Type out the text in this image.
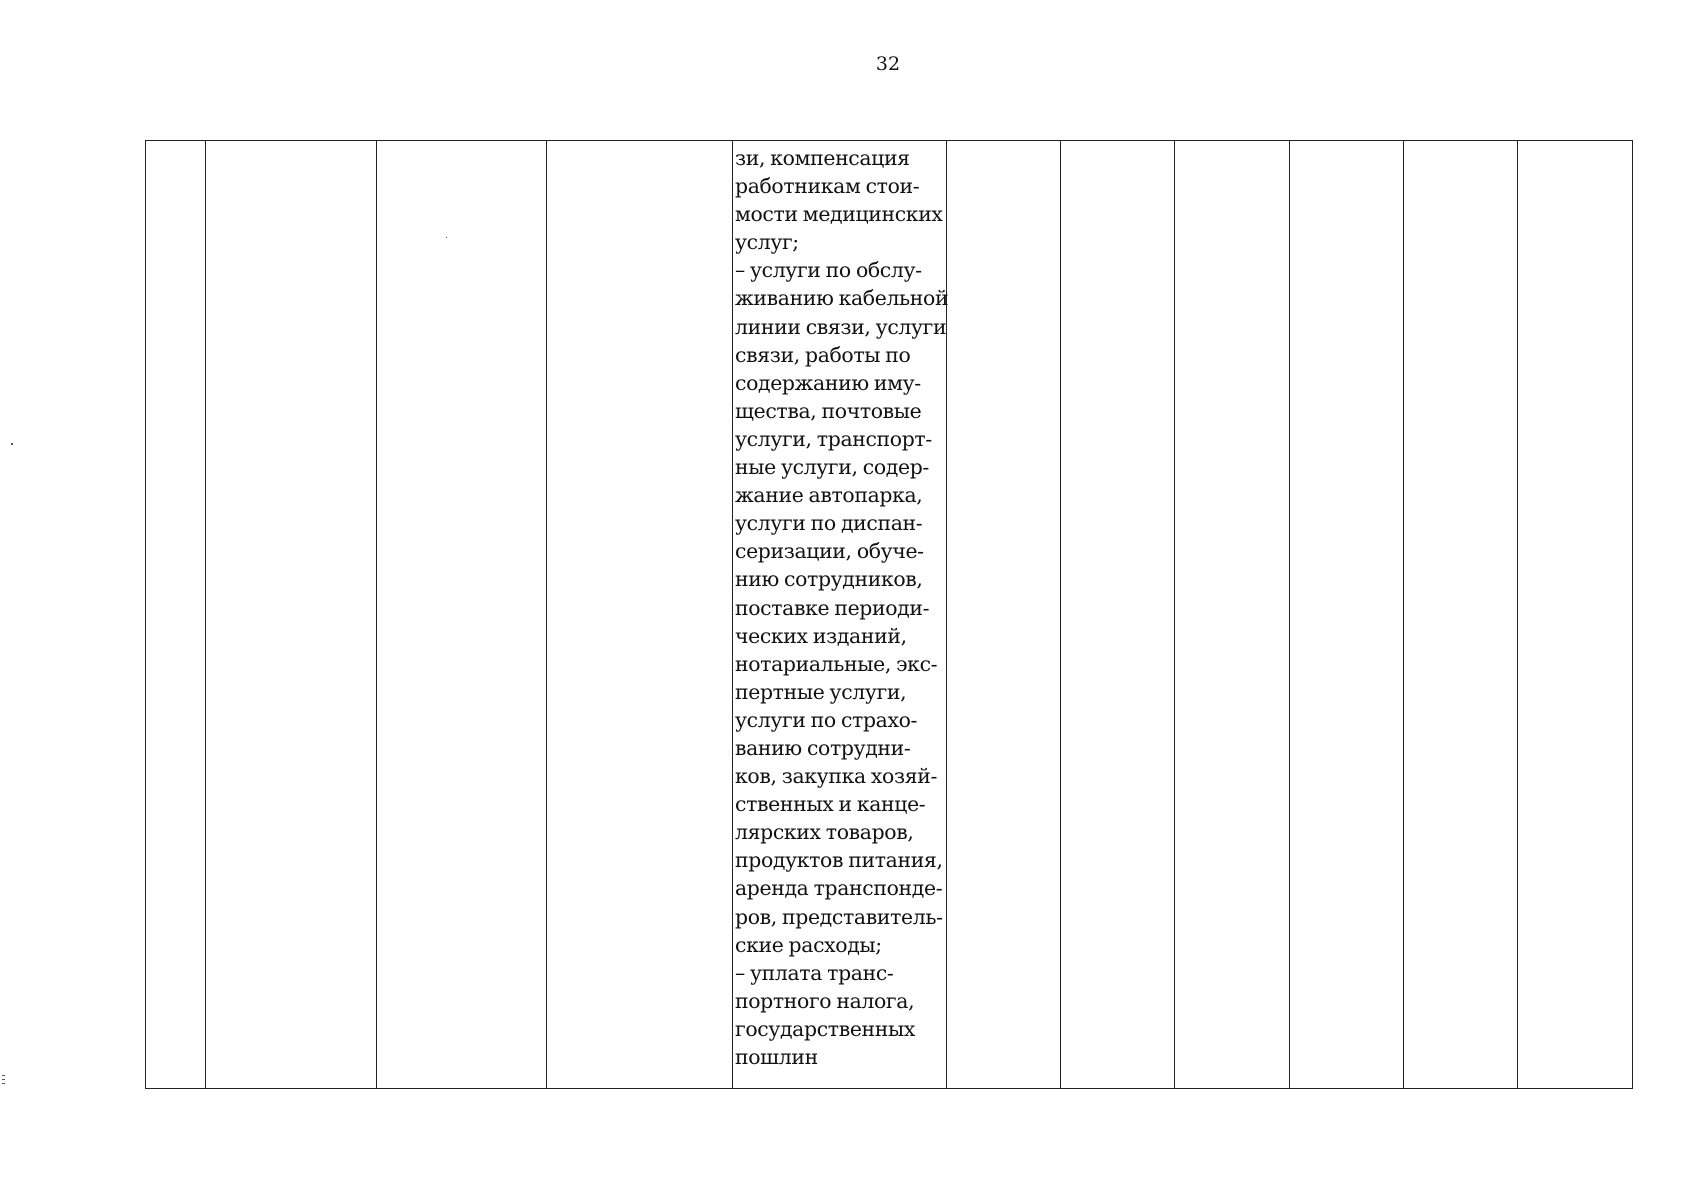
32

зи, компенсация
работникам стои-
мости медицинских
услуг;
– услуги по обслу-
живанию кабельной
линии связи, услуги
связи, работы по
содержанию иму-
щества, почтовые
услуги, транспорт-
ные услуги, содер-
жание автопарка,
услуги по диспан-
серизации, обуче-
нию сотрудников,
поставке периоди-
ческих изданий,
нотариальные, экс-
пертные услуги,
услуги по страхо-
ванию сотрудни-
ков, закупка хозяй-
ственных и канце-
лярских товаров,
продуктов питания,
аренда транспонде-
ров, представитель-
ские расходы;
– уплата транс-
портного налога,
государственных
пошлин
